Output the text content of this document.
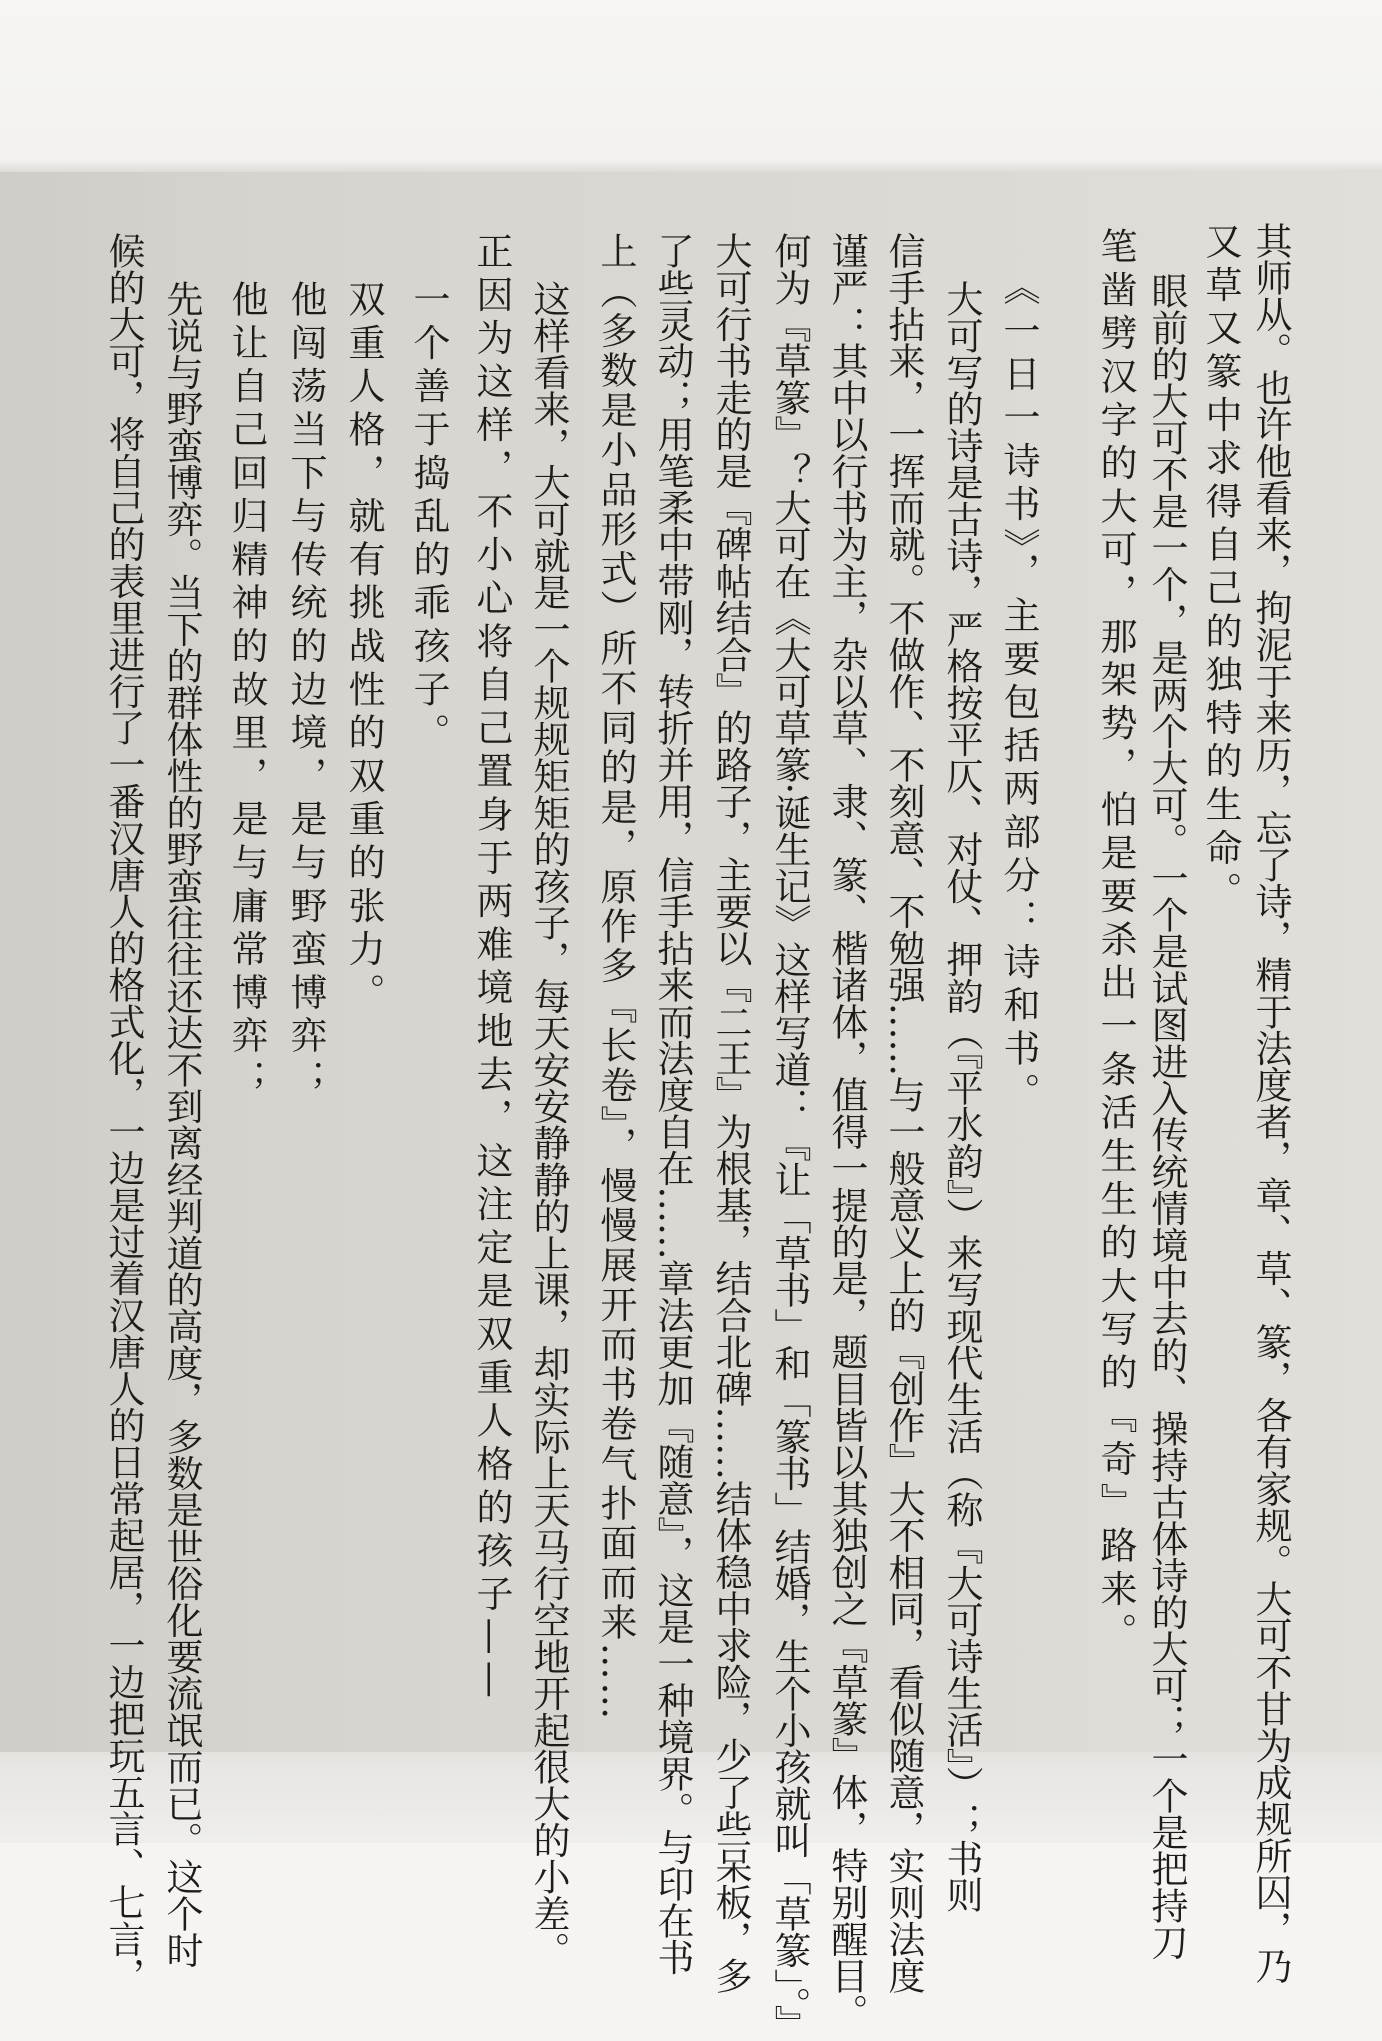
其师从。也许他看来，拘泥于来历，忘了诗，精于法度者，章、草、篆，各有家规。大可不甘为成规所囚，乃
又草又篆中求得自己的独特的生命。
眼前的大可不是一个，是两个大可。一个是试图进入传统情境中去的、操持古体诗的大可；一个是把持刀
笔凿劈汉字的大可，那架势，怕是要杀出一条活生生的大写的『奇』路来。
《一日一诗书》，主要包括两部分：诗和书。
大可写的诗是古诗，严格按平仄、对仗、押韵（『平水韵』）来写现代生活（称『大可诗生活』）；书则
信手拈来，一挥而就。不做作、不刻意、不勉强……与一般意义上的『创作』大不相同，看似随意，实则法度
谨严：其中以行书为主，杂以草、隶、篆、楷诸体，值得一提的是，题目皆以其独创之『草篆』体，特别醒目。
何为『草篆』？大可在《大可草篆·诞生记》这样写道：『让「草书」和「篆书」结婚，生个小孩就叫「草篆」。』
大可行书走的是『碑帖结合』的路子，主要以『二王』为根基，结合北碑……结体稳中求险，少了些呆板，多
了些灵动；用笔柔中带刚，转折并用，信手拈来而法度自在……章法更加『随意』，这是一种境界。与印在书
上（多数是小品形式）所不同的是，原作多『长卷』，慢慢展开而书卷气扑面而来……
这样看来，大可就是一个规规矩矩的孩子，每天安安静静的上课，却实际上天马行空地开起很大的小差。
正因为这样，不小心将自己置身于两难境地去，这注定是双重人格的孩子——
一个善于捣乱的乖孩子。
双重人格，就有挑战性的双重的张力。
他闯荡当下与传统的边境，是与野蛮博弈；
他让自己回归精神的故里，是与庸常博弈；
先说与野蛮博弈。当下的群体性的野蛮往往还达不到离经判道的高度，多数是世俗化要流氓而已。这个时
候的大可，将自己的表里进行了一番汉唐人的格式化，一边是过着汉唐人的日常起居，一边把玩五言、七言，
